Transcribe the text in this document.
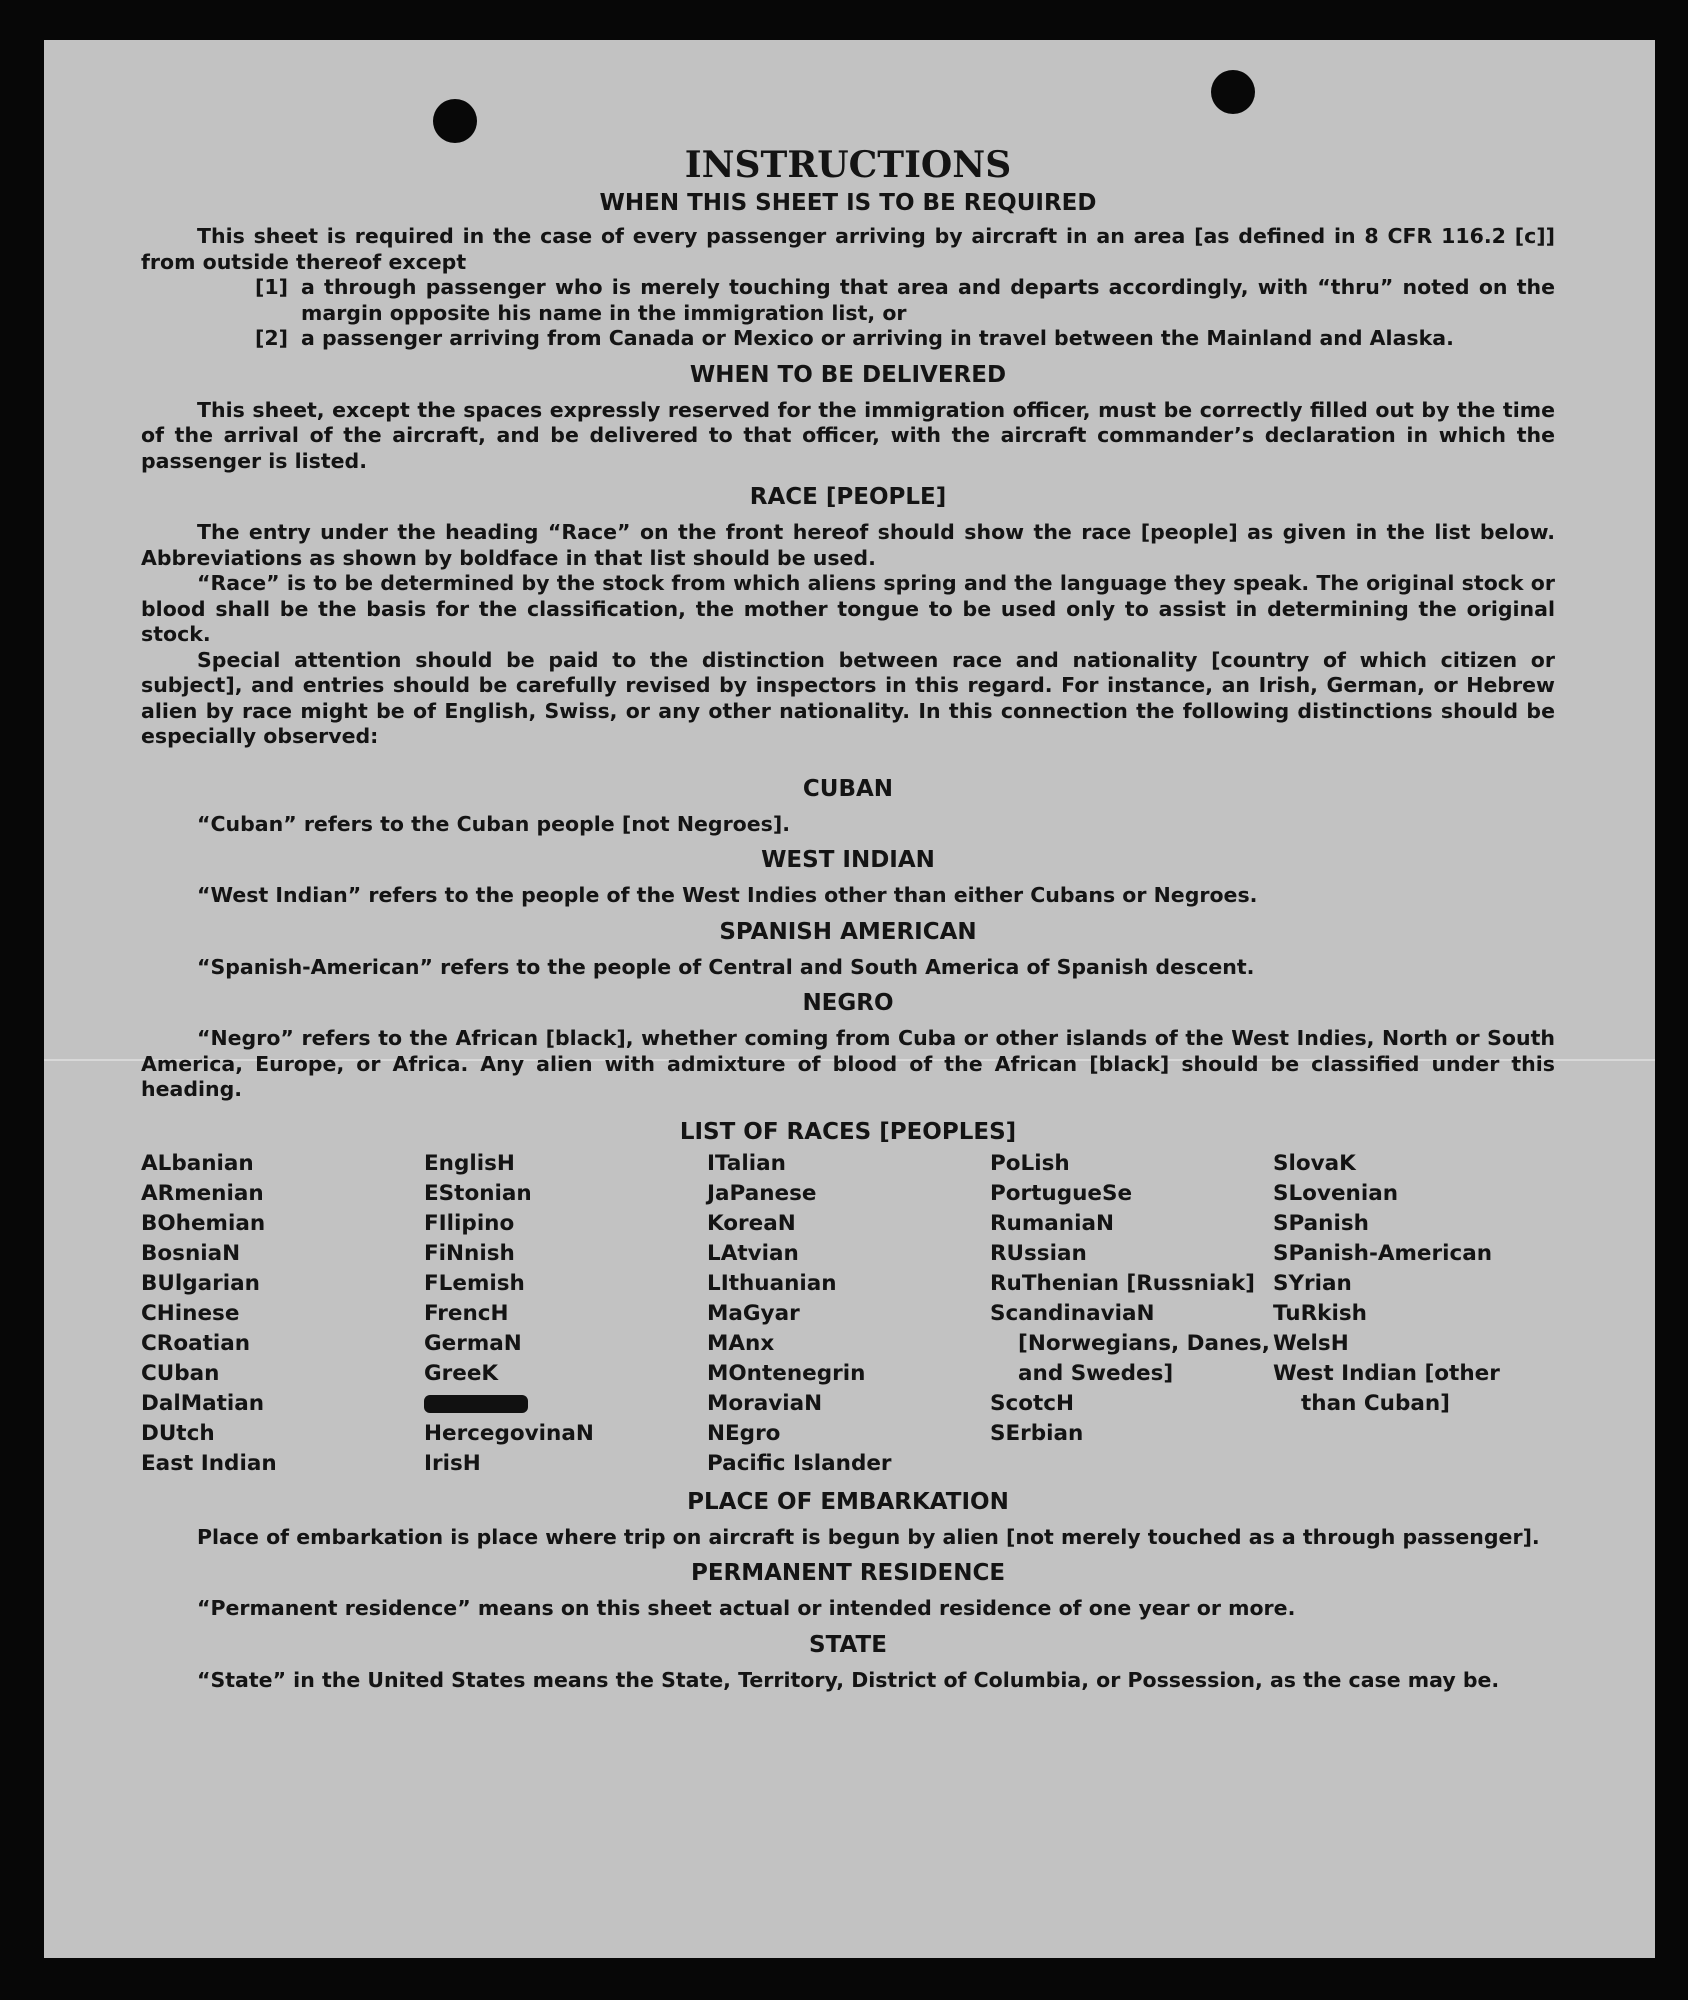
INSTRUCTIONS
WHEN THIS SHEET IS TO BE REQUIRED

This sheet is required in the case of every passenger arriving by aircraft in an area [as defined in 8 CFR 116.2 [c]] from outside thereof except

[1] a through passenger who is merely touching that area and departs accordingly, with “thru” noted on the margin opposite his name in the immigration list, or
[2] a passenger arriving from Canada or Mexico or arriving in travel between the Mainland and Alaska.
WHEN TO BE DELIVERED

This sheet, except the spaces expressly reserved for the immigration officer, must be correctly filled out by the time of the arrival of the aircraft, and be delivered to that officer, with the aircraft commander’s declaration in which the passenger is listed.

RACE [PEOPLE]

The entry under the heading “Race” on the front hereof should show the race [people] as given in the list below. Abbreviations as shown by boldface in that list should be used.

“Race” is to be determined by the stock from which aliens spring and the language they speak. The original stock or blood shall be the basis for the classification, the mother tongue to be used only to assist in determining the original stock.

Special attention should be paid to the distinction between race and nationality [country of which citizen or subject], and entries should be carefully revised by inspectors in this regard. For instance, an Irish, German, or Hebrew alien by race might be of English, Swiss, or any other nationality. In this connection the following distinctions should be especially observed:

CUBAN

“Cuban” refers to the Cuban people [not Negroes].

WEST INDIAN

“West Indian” refers to the people of the West Indies other than either Cubans or Negroes.

SPANISH AMERICAN

“Spanish-American” refers to the people of Central and South America of Spanish descent.

NEGRO

“Negro” refers to the African [black], whether coming from Cuba or other islands of the West Indies, North or South America, Europe, or Africa. Any alien with admixture of blood of the African [black] should be classified under this heading.

LIST OF RACES [PEOPLES]
ALbanian
ARmenian
BOhemian
BosniaN
BUlgarian
CHinese
CRoatian
CUban
DalMatian
DUtch
East Indian
EnglisH
EStonian
FIlipino
FiNnish
FLemish
FrencH
GermaN
GreeK
HercegovinaN
IrisH
ITalian
JaPanese
KoreaN
LAtvian
LIthuanian
MaGyar
MAnx
MOntenegrin
MoraviaN
NEgro
Pacific Islander
PoLish
PortugueSe
RumaniaN
RUssian
RuThenian [Russniak]
ScandinaviaN [Norwegians, Danes, and Swedes]
ScotcH
SErbian
SlovaK
SLovenian
SPanish
SPanish-American
SYrian
TuRkish
WelsH
West Indian [other than Cuban]
PLACE OF EMBARKATION

Place of embarkation is place where trip on aircraft is begun by alien [not merely touched as a through passenger].

PERMANENT RESIDENCE

“Permanent residence” means on this sheet actual or intended residence of one year or more.

STATE

“State” in the United States means the State, Territory, District of Columbia, or Possession, as the case may be.
